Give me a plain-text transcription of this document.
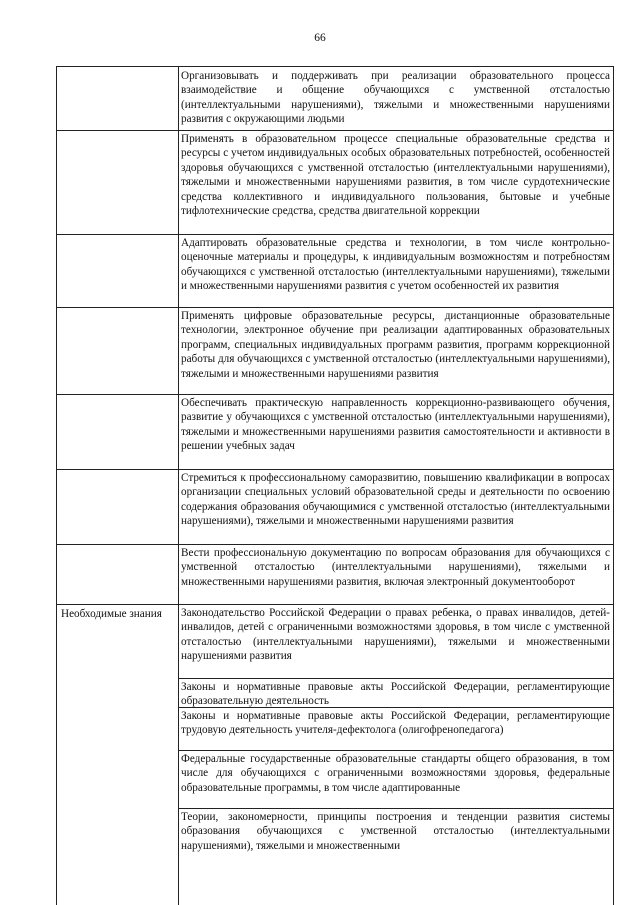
66
Необходимые знания
Организовывать и поддерживать при реализации образовательного процесса взаимодействие и общение обучающихся с умственной отсталостью (интеллектуальными нарушениями), тяжелыми и множественными нарушениями развития с окружающими людьми
Применять в образовательном процессе специальные образовательные средства и ресурсы с учетом индивидуальных особых образовательных потребностей, особенностей здоровья обучающихся с умственной отсталостью (интеллектуальными нарушениями), тяжелыми и множественными нарушениями развития, в том числе сурдотехнические средства коллективного и индивидуального пользования, бытовые и учебные тифлотехнические средства, средства двигательной коррекции
Адаптировать образовательные средства и технологии, в том числе контрольно-оценочные материалы и процедуры, к индивидуальным возможностям и потребностям обучающихся с умственной отсталостью (интеллектуальными нарушениями), тяжелыми и множественными нарушениями развития с учетом особенностей их развития
Применять цифровые образовательные ресурсы, дистанционные образовательные технологии, электронное обучение при реализации адаптированных образовательных программ, специальных индивидуальных программ развития, программ коррекционной работы для обучающихся с умственной отсталостью (интеллектуальными нарушениями), тяжелыми и множественными нарушениями развития
Обеспечивать практическую направленность коррекционно-развивающего обучения, развитие у обучающихся с умственной отсталостью (интеллектуальными нарушениями), тяжелыми и множественными нарушениями развития самостоятельности и активности в решении учебных задач
Стремиться к профессиональному саморазвитию, повышению квалификации в вопросах организации специальных условий образовательной среды и деятельности по освоению содержания образования обучающимися с умственной отсталостью (интеллектуальными нарушениями), тяжелыми и множественными нарушениями развития
Вести профессиональную документацию по вопросам образования для обучающихся с умственной отсталостью (интеллектуальными нарушениями), тяжелыми и множественными нарушениями развития, включая электронный документооборот
Законодательство Российской Федерации о правах ребенка, о правах инвалидов, детей-инвалидов, детей с ограниченными возможностями здоровья, в том числе с умственной отсталостью (интеллектуальными нарушениями), тяжелыми и множественными нарушениями развития
Законы и нормативные правовые акты Российской Федерации, регламентирующие образовательную деятельность
Законы и нормативные правовые акты Российской Федерации, регламентирующие трудовую деятельность учителя-дефектолога (олигофренопедагога)
Федеральные государственные образовательные стандарты общего образования, в том числе для обучающихся с ограниченными возможностями здоровья, федеральные образовательные программы, в том числе адаптированные
Теории, закономерности, принципы построения и тенденции развития системы образования обучающихся с умственной отсталостью (интеллектуальными нарушениями), тяжелыми и множественными
